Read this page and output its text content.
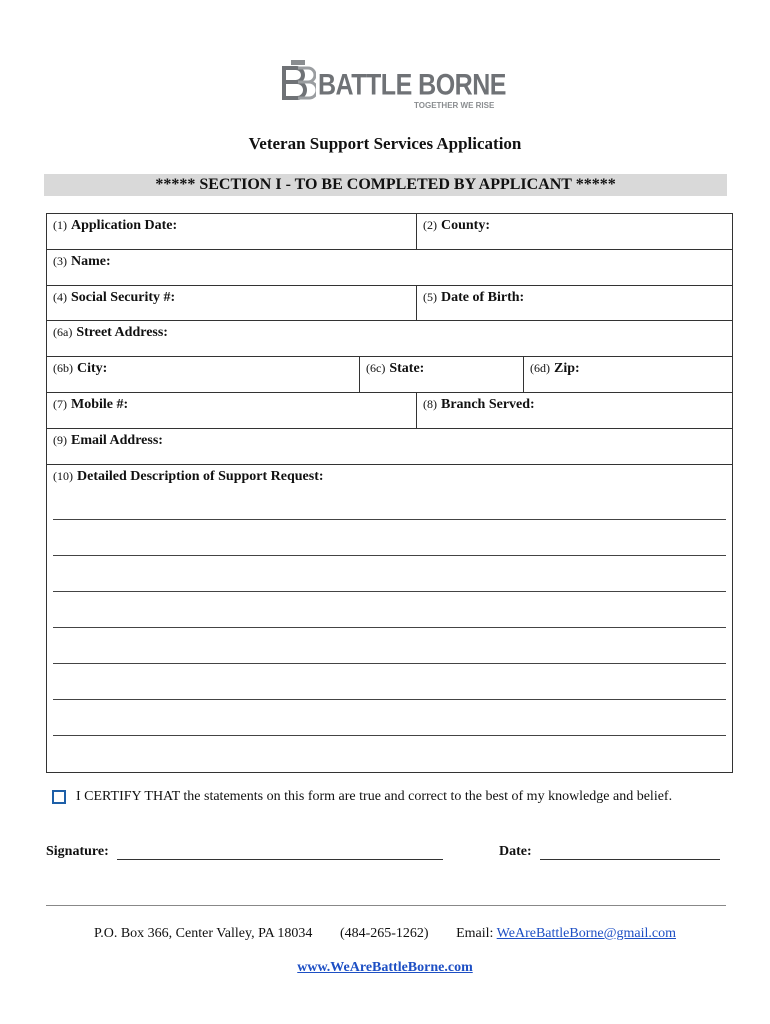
BATTLE BORNE
TOGETHER WE RISE
Veteran Support Services Application
***** SECTION I - TO BE COMPLETED BY APPLICANT *****
(1) Application Date:	(2) County:
(3) Name:
(4) Social Security #:	(5) Date of Birth:
(6a) Street Address:
(6b) City:	(6c) State:	(6d) Zip:
(7) Mobile #:	(8) Branch Served:
(9) Email Address:
(10) Detailed Description of Support Request:
I CERTIFY THAT the statements on this form are true and correct to the best of my knowledge and belief.
Signature:	Date:
P.O. Box 366, Center Valley, PA 18034 (484-265-1262) Email: WeAreBattleBorne@gmail.com
www.WeAreBattleBorne.com
